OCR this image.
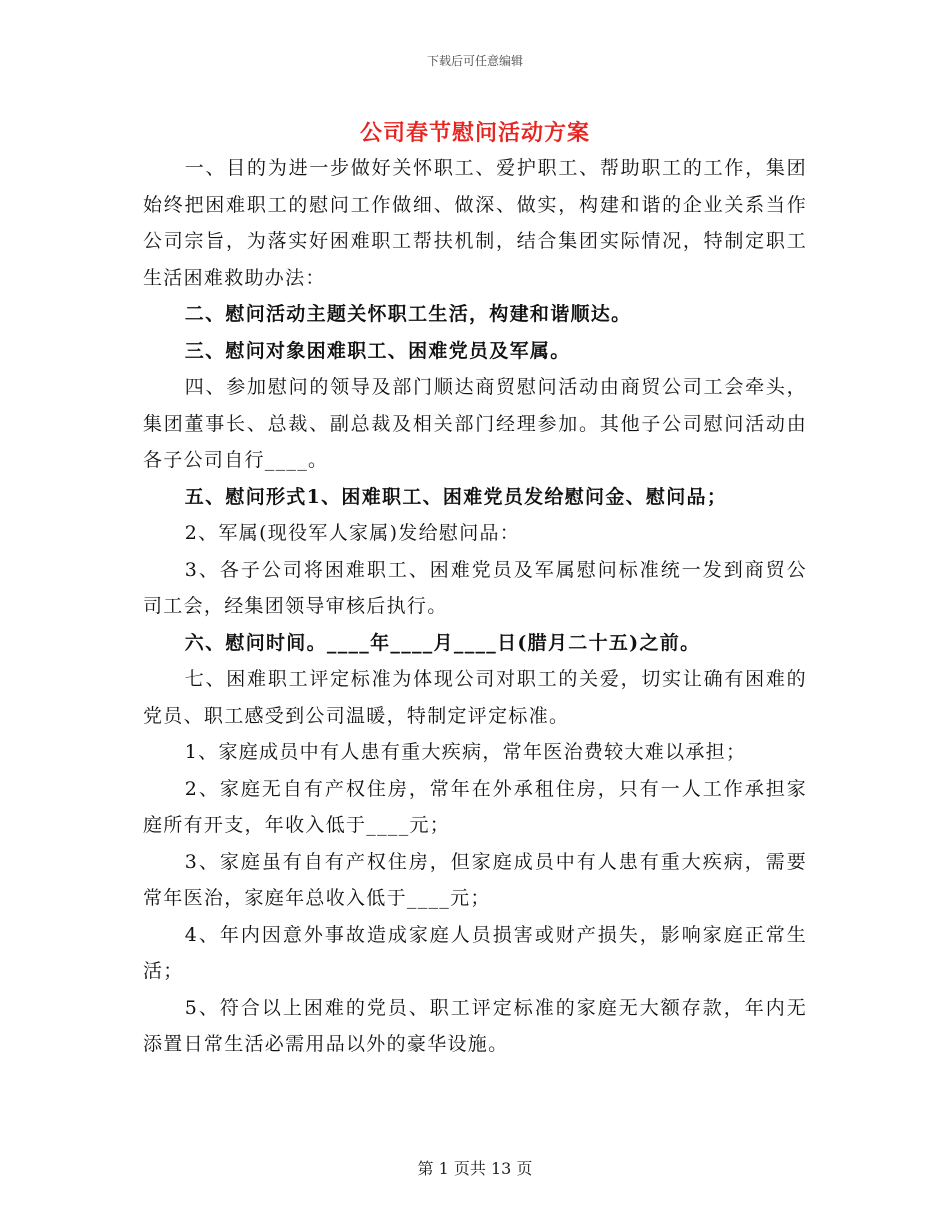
下载后可任意编辑
公司春节慰问活动方案

一、目的为进一步做好关怀职工、爱护职工、帮助职工的工作，集团始终把困难职工的慰问工作做细、做深、做实，构建和谐的企业关系当作公司宗旨，为落实好困难职工帮扶机制，结合集团实际情况，特制定职工生活困难救助办法：

二、慰问活动主题关怀职工生活，构建和谐顺达。

三、慰问对象困难职工、困难党员及军属。

四、参加慰问的领导及部门顺达商贸慰问活动由商贸公司工会牵头，集团董事长、总裁、副总裁及相关部门经理参加。其他子公司慰问活动由各子公司自行____。

五、慰问形式1、困难职工、困难党员发给慰问金、慰问品；

2、军属(现役军人家属)发给慰问品：

3、各子公司将困难职工、困难党员及军属慰问标准统一发到商贸公司工会，经集团领导审核后执行。

六、慰问时间。____年____月____日(腊月二十五)之前。

七、困难职工评定标准为体现公司对职工的关爱，切实让确有困难的党员、职工感受到公司温暖，特制定评定标准。

1、家庭成员中有人患有重大疾病，常年医治费较大难以承担；

2、家庭无自有产权住房，常年在外承租住房，只有一人工作承担家庭所有开支，年收入低于____元；

3、家庭虽有自有产权住房，但家庭成员中有人患有重大疾病，需要常年医治，家庭年总收入低于____元；

4、年内因意外事故造成家庭人员损害或财产损失，影响家庭正常生活；

5、符合以上困难的党员、职工评定标准的家庭无大额存款，年内无添置日常生活必需用品以外的豪华设施。

第 1 页共 13 页
